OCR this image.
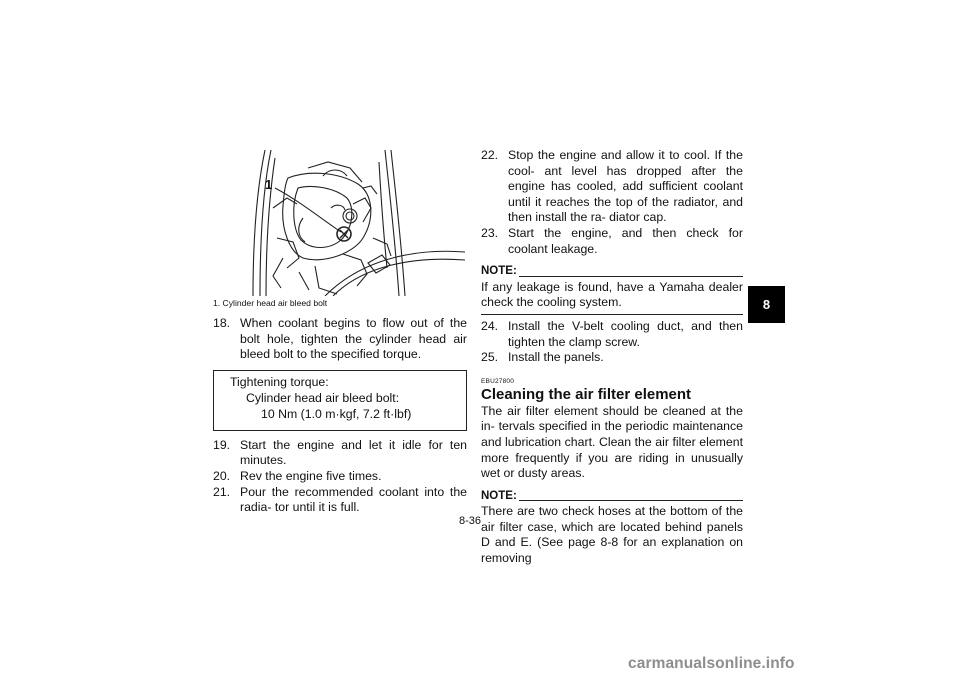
1
1. Cylinder head air bleed bolt
18. When coolant begins to flow out of the bolt hole, tighten the cylinder head air bleed bolt to the specified torque.
Tightening torque:
Cylinder head air bleed bolt:
10 Nm (1.0 m·kgf, 7.2 ft·lbf)
19. Start the engine and let it idle for ten minutes.
20. Rev the engine five times.
21. Pour the recommended coolant into the radia- tor until it is full.
22. Stop the engine and allow it to cool. If the cool- ant level has dropped after the engine has cooled, add sufficient coolant until it reaches the top of the radiator, and then install the ra- diator cap.
23. Start the engine, and then check for coolant leakage.
NOTE:
If any leakage is found, have a Yamaha dealer check the cooling system.
24. Install the V-belt cooling duct, and then tighten the clamp screw.
25. Install the panels.
EBU27800
Cleaning the air filter element
The air filter element should be cleaned at the in- tervals specified in the periodic maintenance and lubrication chart. Clean the air filter element more frequently if you are riding in unusually wet or dusty areas.
NOTE:
There are two check hoses at the bottom of the air filter case, which are located behind panels D and E. (See page 8-8 for an explanation on removing
8
8-36
carmanualsonline.info
